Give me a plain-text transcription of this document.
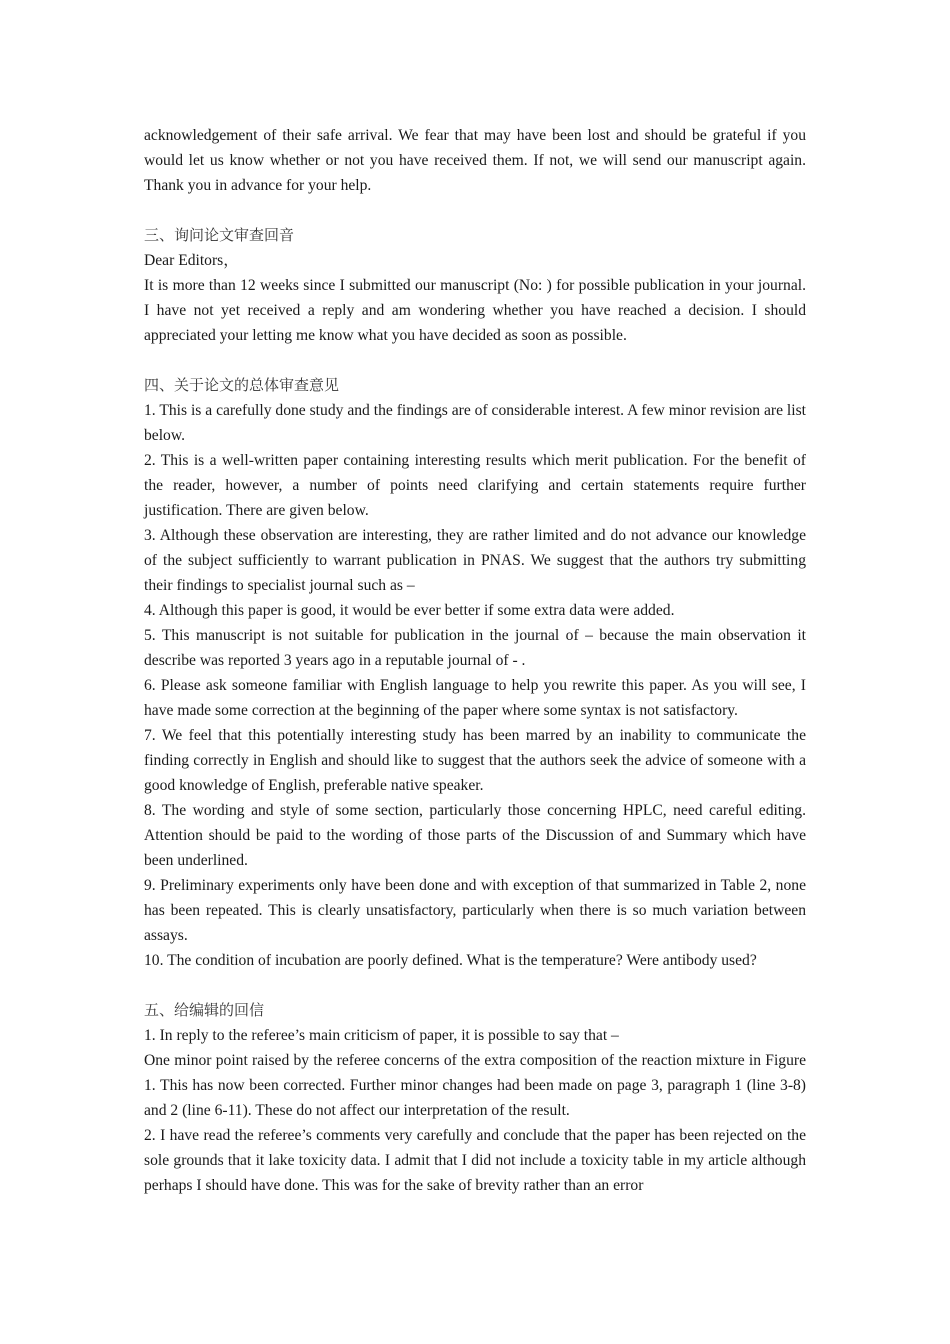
acknowledgement of their safe arrival. We fear that may have been lost and should be grateful if you would let us know whether or not you have received them. If not, we will send our manuscript again. Thank you in advance for your help.

三、询问论文审查回音

Dear Editors，

It is more than 12 weeks since I submitted our manuscript (No: ) for possible publication in your journal. I have not yet received a reply and am wondering whether you have reached a decision. I should appreciated your letting me know what you have decided as soon as possible.

四、关于论文的总体审查意见

1. This is a carefully done study and the findings are of considerable interest. A few minor revision are list below.

2. This is a well-written paper containing interesting results which merit publication. For the benefit of the reader, however, a number of points need clarifying and certain statements require further justification. There are given below.

3. Although these observation are interesting, they are rather limited and do not advance our knowledge of the subject sufficiently to warrant publication in PNAS. We suggest that the authors try submitting their findings to specialist journal such as –

4. Although this paper is good, it would be ever better if some extra data were added.

5. This manuscript is not suitable for publication in the journal of – because the main observation it describe was reported 3 years ago in a reputable journal of - .

6. Please ask someone familiar with English language to help you rewrite this paper. As you will see, I have made some correction at the beginning of the paper where some syntax is not satisfactory.

7. We feel that this potentially interesting study has been marred by an inability to communicate the finding correctly in English and should like to suggest that the authors seek the advice of someone with a good knowledge of English, preferable native speaker.

8. The wording and style of some section, particularly those concerning HPLC, need careful editing. Attention should be paid to the wording of those parts of the Discussion of and Summary which have been underlined.

9. Preliminary experiments only have been done and with exception of that summarized in Table 2, none has been repeated. This is clearly unsatisfactory, particularly when there is so much variation between assays.

10. The condition of incubation are poorly defined. What is the temperature? Were antibody used?

五、给编辑的回信

1. In reply to the referee’s main criticism of paper, it is possible to say that –

One minor point raised by the referee concerns of the extra composition of the reaction mixture in Figure 1. This has now been corrected. Further minor changes had been made on page 3, paragraph 1 (line 3-8) and 2 (line 6-11). These do not affect our interpretation of the result.

2. I have read the referee’s comments very carefully and conclude that the paper has been rejected on the sole grounds that it lake toxicity data. I admit that I did not include a toxicity table in my article although perhaps I should have done. This was for the sake of brevity rather than an error
